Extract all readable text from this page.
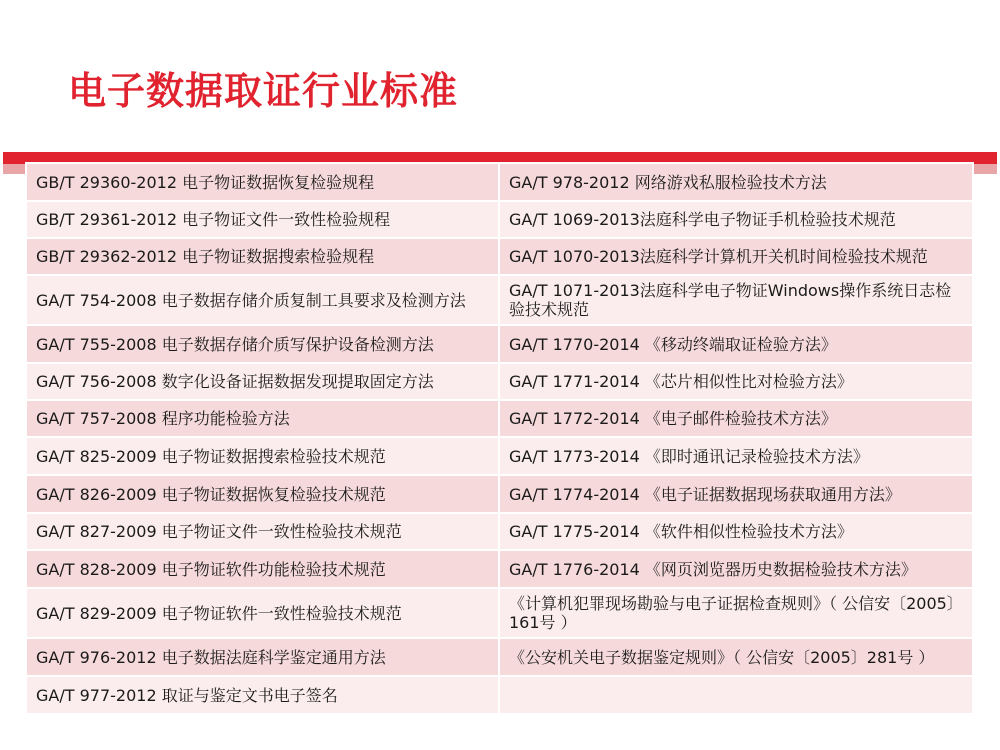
电子数据取证行业标准
GB/T 29360-2012 电子物证数据恢复检验规程	GA/T 978-2012 网络游戏私服检验技术方法
GB/T 29361-2012 电子物证文件一致性检验规程	GA/T 1069-2013法庭科学电子物证手机检验技术规范
GB/T 29362-2012 电子物证数据搜索检验规程	GA/T 1070-2013法庭科学计算机开关机时间检验技术规范
GA/T 754-2008 电子数据存储介质复制工具要求及检测方法	GA/T 1071-2013法庭科学电子物证Windows操作系统日志检验技术规范
GA/T 755-2008 电子数据存储介质写保护设备检测方法	GA/T 1770-2014 《移动终端取证检验方法》
GA/T 756-2008 数字化设备证据数据发现提取固定方法	GA/T 1771-2014 《芯片相似性比对检验方法》
GA/T 757-2008 程序功能检验方法	GA/T 1772-2014 《电子邮件检验技术方法》
GA/T 825-2009 电子物证数据搜索检验技术规范	GA/T 1773-2014 《即时通讯记录检验技术方法》
GA/T 826-2009 电子物证数据恢复检验技术规范	GA/T 1774-2014 《电子证据数据现场获取通用方法》
GA/T 827-2009 电子物证文件一致性检验技术规范	GA/T 1775-2014 《软件相似性检验技术方法》
GA/T 828-2009 电子物证软件功能检验技术规范	GA/T 1776-2014 《网页浏览器历史数据检验技术方法》
GA/T 829-2009 电子物证软件一致性检验技术规范	《计算机犯罪现场勘验与电子证据检查规则》（ 公信安〔2005〕161号 ）
GA/T 976-2012 电子数据法庭科学鉴定通用方法	《公安机关电子数据鉴定规则》（ 公信安〔2005〕281号 ）
GA/T 977-2012 取证与鉴定文书电子签名	
